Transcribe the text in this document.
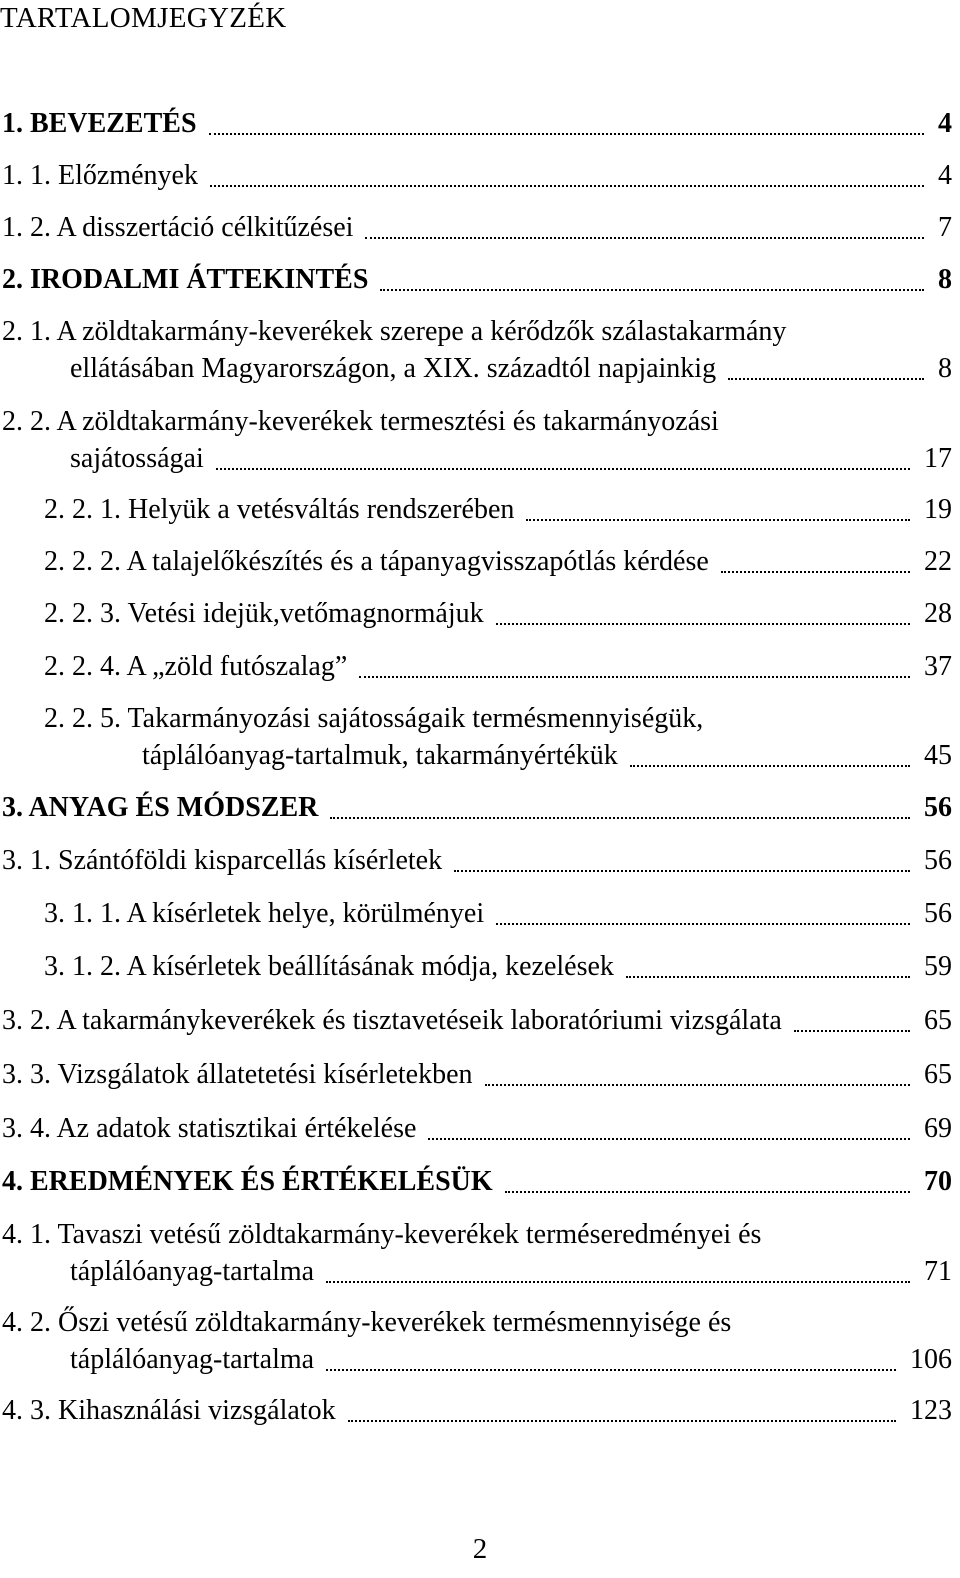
TARTALOMJEGYZÉK
1. BEVEZETÉS	4
1. 1. Előzmények	4
1. 2. A disszertáció célkitűzései	7
2. IRODALMI ÁTTEKINTÉS	8
2. 1. A zöldtakarmány-keverékek szerepe a kérődzők szálastakarmány
ellátásában Magyarországon, a XIX. századtól napjainkig	8
2. 2. A zöldtakarmány-keverékek termesztési és takarmányozási
sajátosságai	17
2. 2. 1. Helyük a vetésváltás rendszerében	19
2. 2. 2. A talajelőkészítés és a tápanyagvisszapótlás kérdése	22
2. 2. 3. Vetési idejük,vetőmagnormájuk	28
2. 2. 4. A „zöld futószalag”	37
2. 2. 5. Takarmányozási sajátosságaik termésmennyiségük,
táplálóanyag-tartalmuk, takarmányértékük	45
3. ANYAG ÉS MÓDSZER	56
3. 1. Szántóföldi kisparcellás kísérletek	56
3. 1. 1. A kísérletek helye, körülményei	56
3. 1. 2. A kísérletek beállításának módja, kezelések	59
3. 2. A takarmánykeverékek és tisztavetéseik laboratóriumi vizsgálata	65
3. 3. Vizsgálatok állatetetési kísérletekben	65
3. 4. Az adatok statisztikai értékelése	69
4. EREDMÉNYEK ÉS ÉRTÉKELÉSÜK	70
4. 1. Tavaszi vetésű zöldtakarmány-keverékek terméseredményei és
táplálóanyag-tartalma	71
4. 2. Őszi vetésű zöldtakarmány-keverékek termésmennyisége és
táplálóanyag-tartalma	106
4. 3. Kihasználási vizsgálatok	123
2
